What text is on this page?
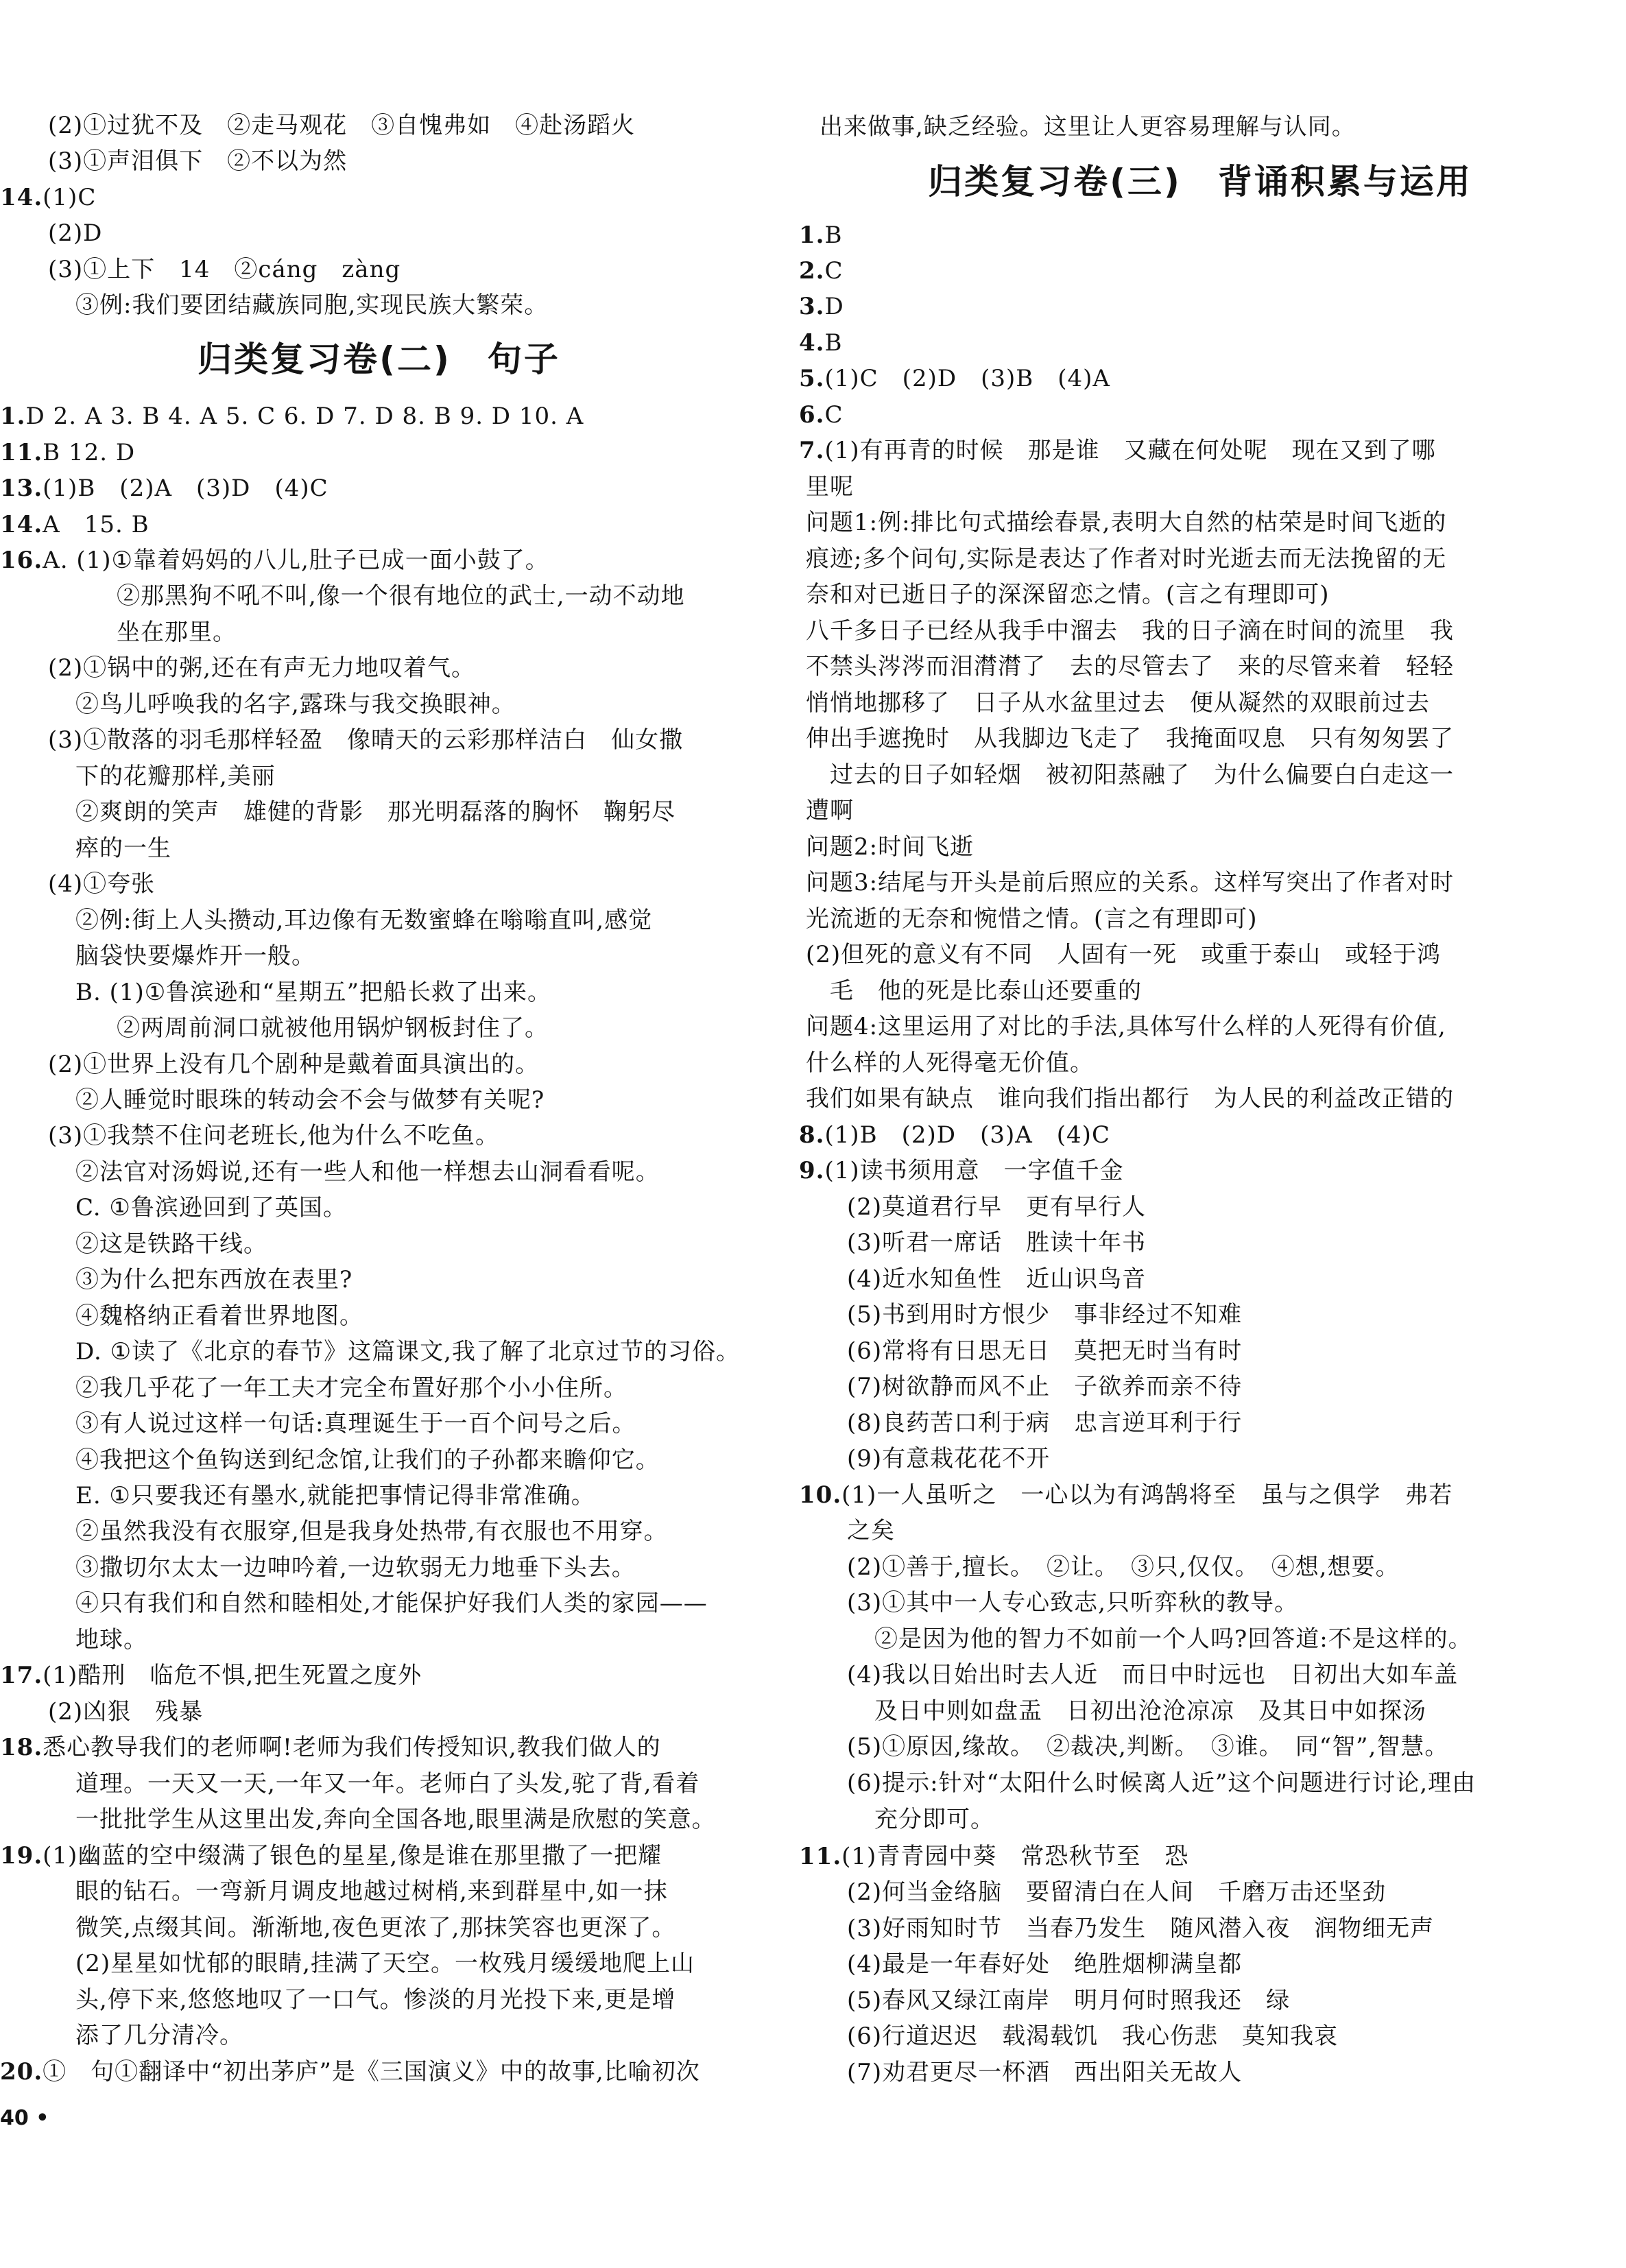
(2)①过犹不及　②走马观花　③自愧弗如　④赴汤蹈火
(3)①声泪俱下　②不以为然
14.(1)C
(2)D
(3)①上下　14　②cáng　zàng
③例:我们要团结藏族同胞,实现民族大繁荣。
1.D 2. A 3. B 4. A 5. C 6. D 7. D 8. B 9. D 10. A
11.B 12. D
13.(1)B　(2)A　(3)D　(4)C
14.A　15. B
16.A. (1)①靠着妈妈的八儿,肚子已成一面小鼓了。
②那黑狗不吼不叫,像一个很有地位的武士,一动不动地
坐在那里。
(2)①锅中的粥,还在有声无力地叹着气。
②鸟儿呼唤我的名字,露珠与我交换眼神。
(3)①散落的羽毛那样轻盈　像晴天的云彩那样洁白　仙女撒
下的花瓣那样,美丽
②爽朗的笑声　雄健的背影　那光明磊落的胸怀　鞠躬尽
瘁的一生
(4)①夸张
②例:街上人头攒动,耳边像有无数蜜蜂在嗡嗡直叫,感觉
脑袋快要爆炸开一般。
B. (1)①鲁滨逊和“星期五”把船长救了出来。
②两周前洞口就被他用锅炉钢板封住了。
(2)①世界上没有几个剧种是戴着面具演出的。
②人睡觉时眼珠的转动会不会与做梦有关呢?
(3)①我禁不住问老班长,他为什么不吃鱼。
②法官对汤姆说,还有一些人和他一样想去山洞看看呢。
C. ①鲁滨逊回到了英国。
②这是铁路干线。
③为什么把东西放在表里?
④魏格纳正看着世界地图。
D. ①读了《北京的春节》这篇课文,我了解了北京过节的习俗。
②我几乎花了一年工夫才完全布置好那个小小住所。
③有人说过这样一句话:真理诞生于一百个问号之后。
④我把这个鱼钩送到纪念馆,让我们的子孙都来瞻仰它。
E. ①只要我还有墨水,就能把事情记得非常准确。
②虽然我没有衣服穿,但是我身处热带,有衣服也不用穿。
③撒切尔太太一边呻吟着,一边软弱无力地垂下头去。
④只有我们和自然和睦相处,才能保护好我们人类的家园——
地球。
17.(1)酷刑　临危不惧,把生死置之度外
(2)凶狠　残暴
18.悉心教导我们的老师啊!老师为我们传授知识,教我们做人的
道理。一天又一天,一年又一年。老师白了头发,驼了背,看着
一批批学生从这里出发,奔向全国各地,眼里满是欣慰的笑意。
19.(1)幽蓝的空中缀满了银色的星星,像是谁在那里撒了一把耀
眼的钻石。一弯新月调皮地越过树梢,来到群星中,如一抹
微笑,点缀其间。渐渐地,夜色更浓了,那抹笑容也更深了。
(2)星星如忧郁的眼睛,挂满了天空。一枚残月缓缓地爬上山
头,停下来,悠悠地叹了一口气。惨淡的月光投下来,更是增
添了几分清冷。
20.①　句①翻译中“初出茅庐”是《三国演义》中的故事,比喻初次
归类复习卷(二)　句子
出来做事,缺乏经验。这里让人更容易理解与认同。
1.B
2.C
3.D
4.B
5.(1)C　(2)D　(3)B　(4)A
6.C
7.(1)有再青的时候　那是谁　又藏在何处呢　现在又到了哪
里呢
问题1:例:排比句式描绘春景,表明大自然的枯荣是时间飞逝的
痕迹;多个问句,实际是表达了作者对时光逝去而无法挽留的无
奈和对已逝日子的深深留恋之情。(言之有理即可)
八千多日子已经从我手中溜去　我的日子滴在时间的流里　我
不禁头涔涔而泪潸潸了　去的尽管去了　来的尽管来着　轻轻
悄悄地挪移了　日子从水盆里过去　便从凝然的双眼前过去
伸出手遮挽时　从我脚边飞走了　我掩面叹息　只有匆匆罢了
过去的日子如轻烟　被初阳蒸融了　为什么偏要白白走这一
遭啊
问题2:时间飞逝
问题3:结尾与开头是前后照应的关系。这样写突出了作者对时
光流逝的无奈和惋惜之情。(言之有理即可)
(2)但死的意义有不同　人固有一死　或重于泰山　或轻于鸿
毛　他的死是比泰山还要重的
问题4:这里运用了对比的手法,具体写什么样的人死得有价值,
什么样的人死得毫无价值。
我们如果有缺点　谁向我们指出都行　为人民的利益改正错的
8.(1)B　(2)D　(3)A　(4)C
9.(1)读书须用意　一字值千金
(2)莫道君行早　更有早行人
(3)听君一席话　胜读十年书
(4)近水知鱼性　近山识鸟音
(5)书到用时方恨少　事非经过不知难
(6)常将有日思无日　莫把无时当有时
(7)树欲静而风不止　子欲养而亲不待
(8)良药苦口利于病　忠言逆耳利于行
(9)有意栽花花不开
10.(1)一人虽听之　一心以为有鸿鹄将至　虽与之俱学　弗若
之矣
(2)①善于,擅长。　②让。　③只,仅仅。　④想,想要。
(3)①其中一人专心致志,只听弈秋的教导。
②是因为他的智力不如前一个人吗?回答道:不是这样的。
(4)我以日始出时去人近　而日中时远也　日初出大如车盖
及日中则如盘盂　日初出沧沧凉凉　及其日中如探汤
(5)①原因,缘故。　②裁决,判断。　③谁。　同“智”,智慧。
(6)提示:针对“太阳什么时候离人近”这个问题进行讨论,理由
充分即可。
11.(1)青青园中葵　常恐秋节至　恐
(2)何当金络脑　要留清白在人间　千磨万击还坚劲
(3)好雨知时节　当春乃发生　随风潜入夜　润物细无声
(4)最是一年春好处　绝胜烟柳满皇都
(5)春风又绿江南岸　明月何时照我还　绿
(6)行道迟迟　载渴载饥　我心伤悲　莫知我哀
(7)劝君更尽一杯酒　西出阳关无故人
归类复习卷(三)　背诵积累与运用
40 •
